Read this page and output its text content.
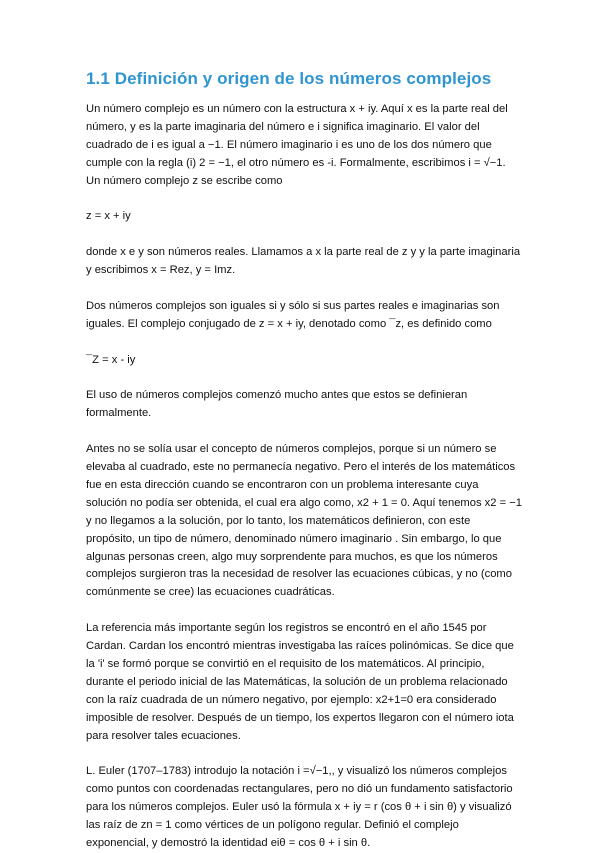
1.1 Definición y origen de los números complejos

Un número complejo es un número con la estructura x + iy. Aquí x es la parte real del número, y es la parte imaginaria del número e i significa imaginario. El valor del cuadrado de i es igual a −1. El número imaginario i es uno de los dos número que cumple con la regla (i) 2 = −1, el otro número es -i. Formalmente, escribimos i = √−1. Un número complejo z se escribe como

z = x + iy

donde x e y son números reales. Llamamos a x la parte real de z y y la parte imaginaria y escribimos x = Rez, y = Imz.

Dos números complejos son iguales si y sólo si sus partes reales e imaginarias son iguales. El complejo conjugado de z = x + iy, denotado como ¯z, es definido como

¯Z = x - iy

El uso de números complejos comenzó mucho antes que estos se definieran formalmente.

Antes no se solía usar el concepto de números complejos, porque si un número se elevaba al cuadrado, este no permanecía negativo. Pero el interés de los matemáticos fue en esta dirección cuando se encontraron con un problema interesante cuya solución no podía ser obtenida, el cual era algo como, x2 + 1 = 0. Aquí tenemos x2 = −1 y no llegamos a la solución, por lo tanto, los matemáticos definieron, con este propósito, un tipo de número, denominado número imaginario . Sin embargo, lo que algunas personas creen, algo muy sorprendente para muchos, es que los números complejos surgieron tras la necesidad de resolver las ecuaciones cúbicas, y no (como comúnmente se cree) las ecuaciones cuadráticas.

La referencia más importante según los registros se encontró en el año 1545 por Cardan. Cardan los encontró mientras investigaba las raíces polinómicas. Se dice que la 'i' se formó porque se convirtió en el requisito de los matemáticos. Al principio, durante el periodo inicial de las Matemáticas, la solución de un problema relacionado con la raíz cuadrada de un número negativo, por ejemplo: x2+1=0 era considerado imposible de resolver. Después de un tiempo, los expertos llegaron con el número iota para resolver tales ecuaciones.

L. Euler (1707–1783) introdujo la notación i =√−1,, y visualizó los números complejos como puntos con coordenadas rectangulares, pero no dió un fundamento satisfactorio para los números complejos. Euler usó la fórmula x + iy = r (cos θ + i sin θ) y visualizó las raíz de zn = 1 como vértices de un polígono regular. Definió el complejo exponencial, y demostró la identidad eiθ = cos θ + i sin θ.
